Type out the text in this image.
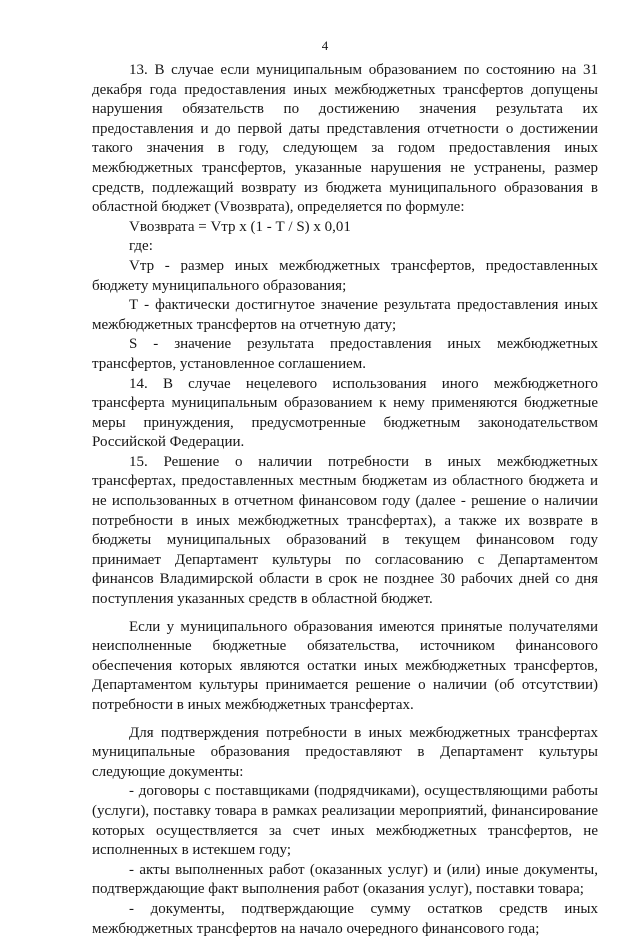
4

13. В случае если муниципальным образованием по состоянию на 31 декабря года предоставления иных межбюджетных трансфертов допущены нарушения обязательств по достижению значения результата их предоставления и до первой даты представления отчетности о достижении такого значения в году, следующем за годом предоставления иных межбюджетных трансфертов, указанные нарушения не устранены, размер средств, подлежащий возврату из бюджета муниципального образования в областной бюджет (Vвозврата), определяется по формуле:

Vвозврата = Vтр х (1 - Т / S) х 0,01

где:

Vтр - размер иных межбюджетных трансфертов, предоставленных бюджету муниципального образования;

Т - фактически достигнутое значение результата предоставления иных межбюджетных трансфертов на отчетную дату;

S - значение результата предоставления иных межбюджетных трансфертов, установленное соглашением.

14. В случае нецелевого использования иного межбюджетного трансферта муниципальным образованием к нему применяются бюджетные меры принуждения, предусмотренные бюджетным законодательством Российской Федерации.

15. Решение о наличии потребности в иных межбюджетных трансфертах, предоставленных местным бюджетам из областного бюджета и не использованных в отчетном финансовом году (далее - решение о наличии потребности в иных межбюджетных трансфертах), а также их возврате в бюджеты муниципальных образований в текущем финансовом году принимает Департамент культуры по согласованию с Департаментом финансов Владимирской области в срок не позднее 30 рабочих дней со дня поступления указанных средств в областной бюджет.

Если у муниципального образования имеются принятые получателями неисполненные бюджетные обязательства, источником финансового обеспечения которых являются остатки иных межбюджетных трансфертов, Департаментом культуры принимается решение о наличии (об отсутствии) потребности в иных межбюджетных трансфертах.

Для подтверждения потребности в иных межбюджетных трансфертах муниципальные образования предоставляют в Департамент культуры следующие документы:

- договоры с поставщиками (подрядчиками), осуществляющими работы (услуги), поставку товара в рамках реализации мероприятий, финансирование которых осуществляется за счет иных межбюджетных трансфертов, не исполненных в истекшем году;

- акты выполненных работ (оказанных услуг) и (или) иные документы, подтверждающие факт выполнения работ (оказания услуг), поставки товара;

- документы, подтверждающие сумму остатков средств иных межбюджетных трансфертов на начало очередного финансового года;
